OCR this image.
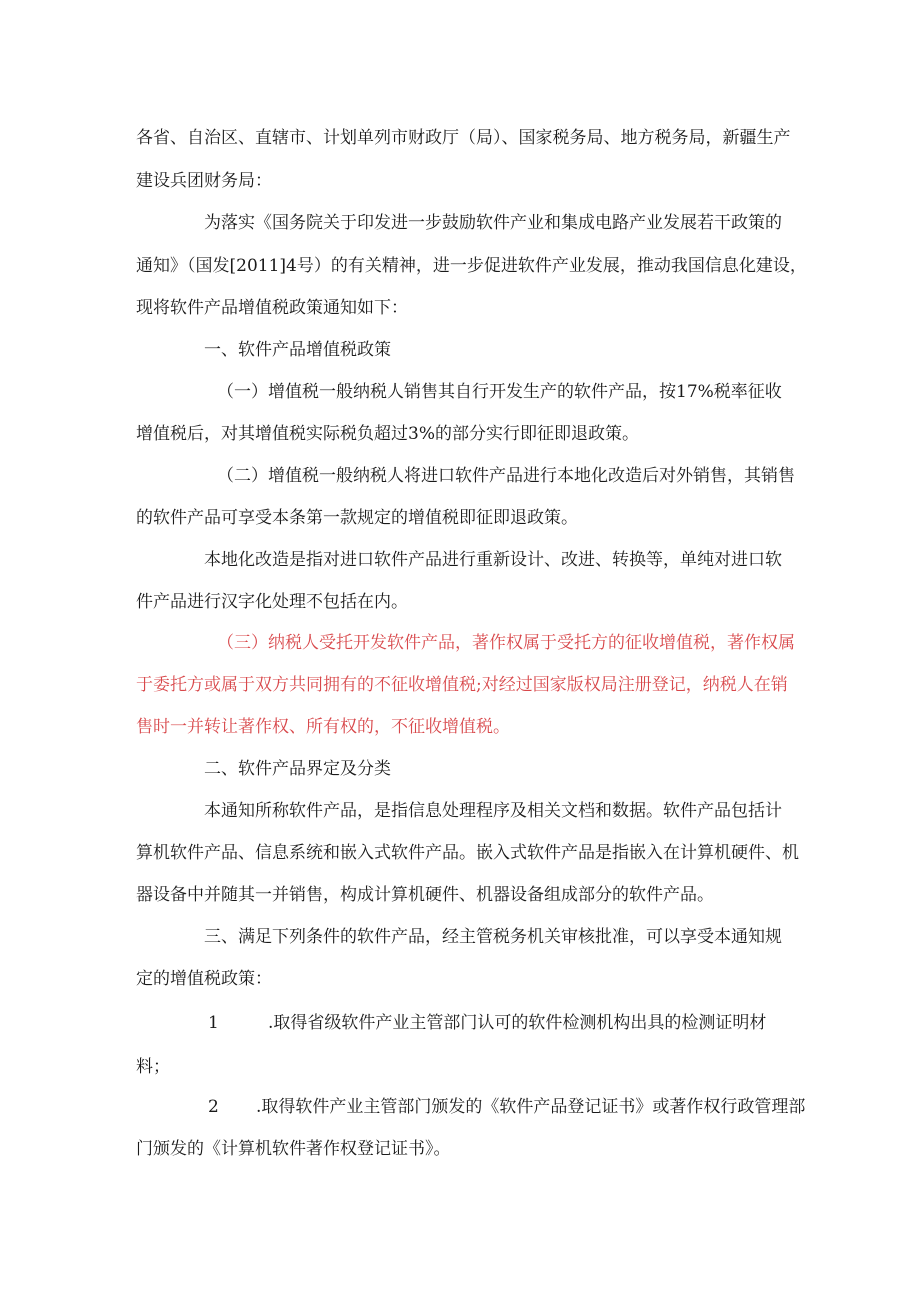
各省、自治区、直辖市、计划单列市财政厅（局）、国家税务局、地方税务局，新疆生产

建设兵团财务局：

为落实《国务院关于印发进一步鼓励软件产业和集成电路产业发展若干政策的

通知》（国发[2011]4号）的有关精神，进一步促进软件产业发展，推动我国信息化建设，

现将软件产品增值税政策通知如下：

一、软件产品增值税政策

（一）增值税一般纳税人销售其自行开发生产的软件产品，按17%税率征收

增值税后，对其增值税实际税负超过3%的部分实行即征即退政策。

（二）增值税一般纳税人将进口软件产品进行本地化改造后对外销售，其销售

的软件产品可享受本条第一款规定的增值税即征即退政策。

本地化改造是指对进口软件产品进行重新设计、改进、转换等，单纯对进口软

件产品进行汉字化处理不包括在内。

（三）纳税人受托开发软件产品，著作权属于受托方的征收增值税，著作权属

于委托方或属于双方共同拥有的不征收增值税;对经过国家版权局注册登记，纳税人在销

售时一并转让著作权、所有权的，不征收增值税。

二、软件产品界定及分类

本通知所称软件产品，是指信息处理程序及相关文档和数据。软件产品包括计

算机软件产品、信息系统和嵌入式软件产品。嵌入式软件产品是指嵌入在计算机硬件、机

器设备中并随其一并销售，构成计算机硬件、机器设备组成部分的软件产品。

三、满足下列条件的软件产品，经主管税务机关审核批准，可以享受本通知规

定的增值税政策：

1	.取得省级软件产业主管部门认可的软件检测机构出具的检测证明材

料；

2 .取得软件产业主管部门颁发的《软件产品登记证书》或著作权行政管理部

门颁发的《计算机软件著作权登记证书》。
